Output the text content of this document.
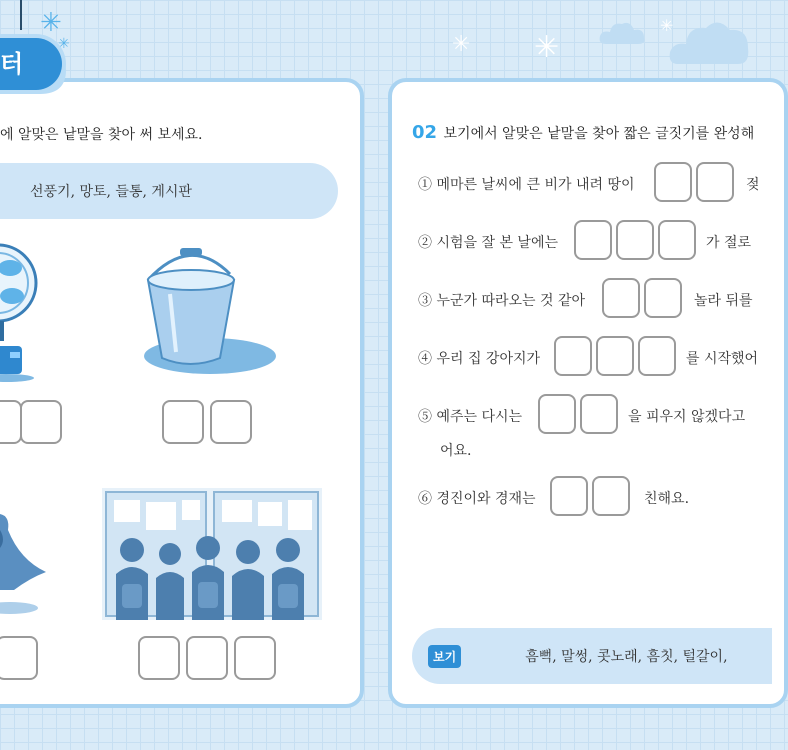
✳
✳	✳ ✳
✳
터
에 알맞은 낱말을 찾아 써 보세요.
선풍기, 망토, 들통, 게시판
02 보기에서 알맞은 낱말을 찾아 짧은 글짓기를 완성해
① 메마른 날씨에 큰 비가 내려 땅이	젖
② 시험을 잘 본 날에는	가 절로
③ 누군가 따라오는 것 같아	놀라 뒤를
④ 우리 집 강아지가	를 시작했어
⑤ 예주는 다시는	을 피우지 않겠다고
어요.
⑥ 경진이와 경재는	친해요.
보기	흠뻑, 말썽, 콧노래, 흠칫, 털갈이,
